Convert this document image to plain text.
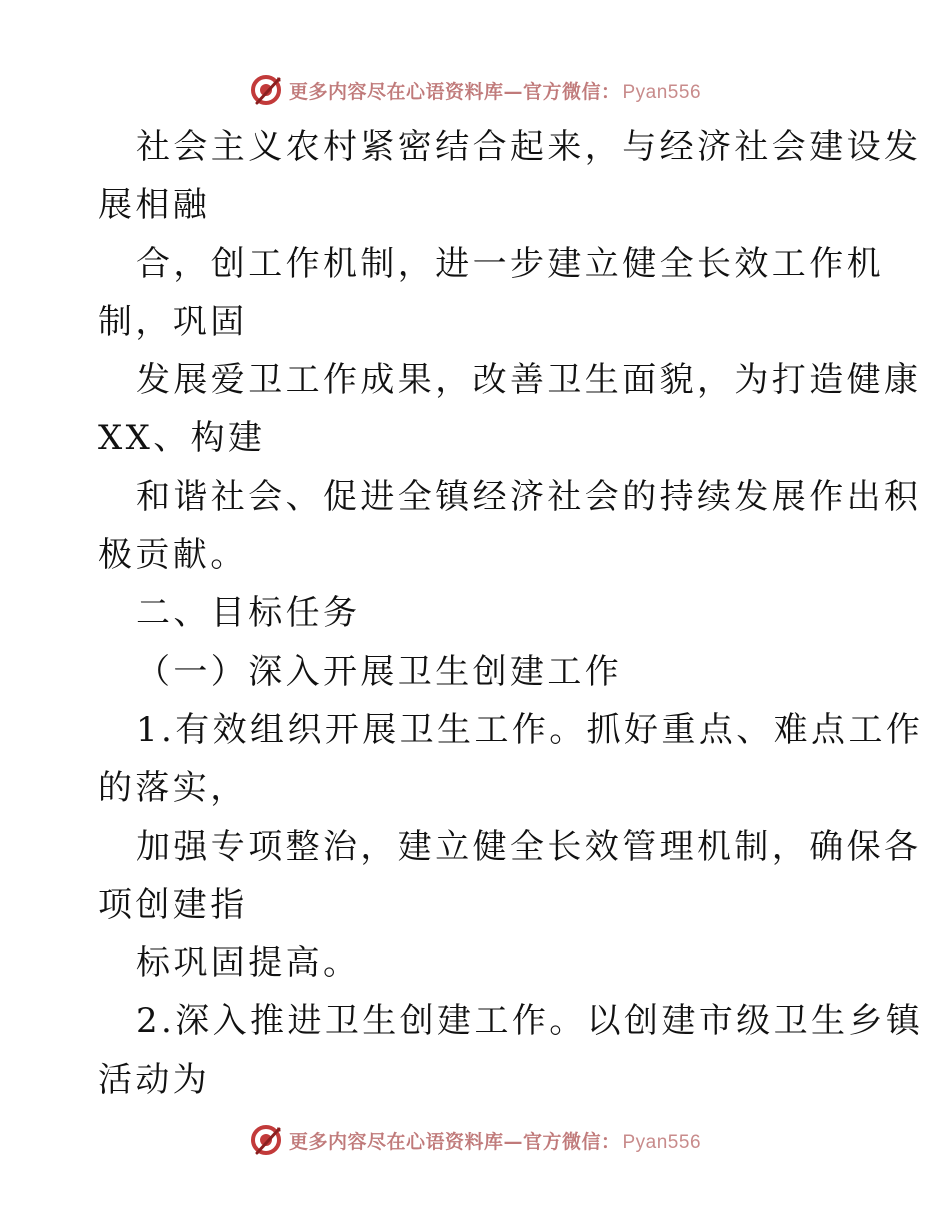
更多内容尽在心语资料库—官方微信： Pyan556
社会主义农村紧密结合起来，与经济社会建设发
展相融
合，创工作机制，进一步建立健全长效工作机
制，巩固
发展爱卫工作成果，改善卫生面貌，为打造健康
XX、构建
和谐社会、促进全镇经济社会的持续发展作出积
极贡献。
二、目标任务
（一）深入开展卫生创建工作
1.有效组织开展卫生工作。抓好重点、难点工作
的落实，
加强专项整治，建立健全长效管理机制，确保各
项创建指
标巩固提高。
2.深入推进卫生创建工作。以创建市级卫生乡镇
活动为
更多内容尽在心语资料库—官方微信： Pyan556
